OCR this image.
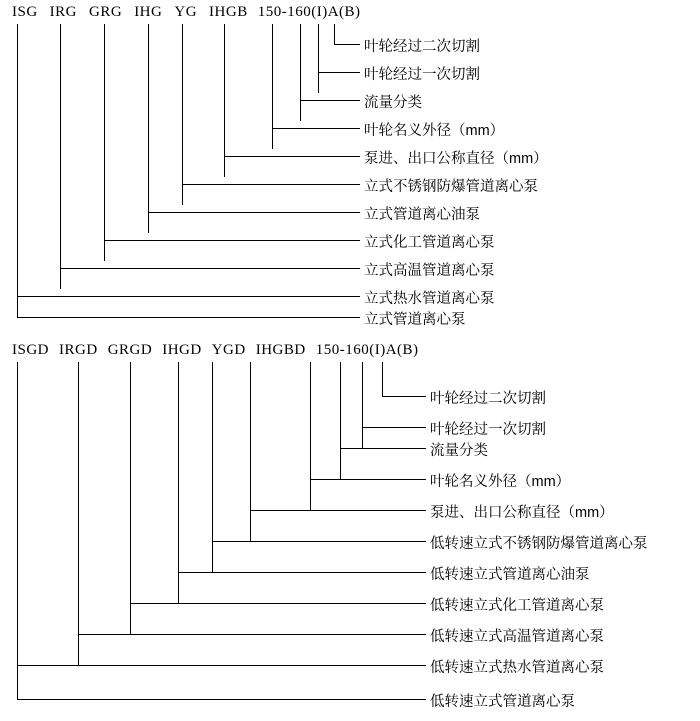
ISG IRG GRG IHG YG IHGB 150-160(I)A(B)
叶轮经过二次切割
叶轮经过一次切割
流量分类
叶轮名义外径（mm）
泵进、出口公称直径（mm）
立式不锈钢防爆管道离心泵
立式管道离心油泵
立式化工管道离心泵
立式高温管道离心泵
立式热水管道离心泵
立式管道离心泵
ISGD IRGD GRGD IHGD YGD IHGBD 150-160(I)A(B)
叶轮经过二次切割
叶轮经过一次切割
流量分类
叶轮名义外径（mm）
泵进、出口公称直径（mm）
低转速立式不锈钢防爆管道离心泵
低转速立式管道离心油泵
低转速立式化工管道离心泵
低转速立式高温管道离心泵
低转速立式热水管道离心泵
低转速立式管道离心泵
